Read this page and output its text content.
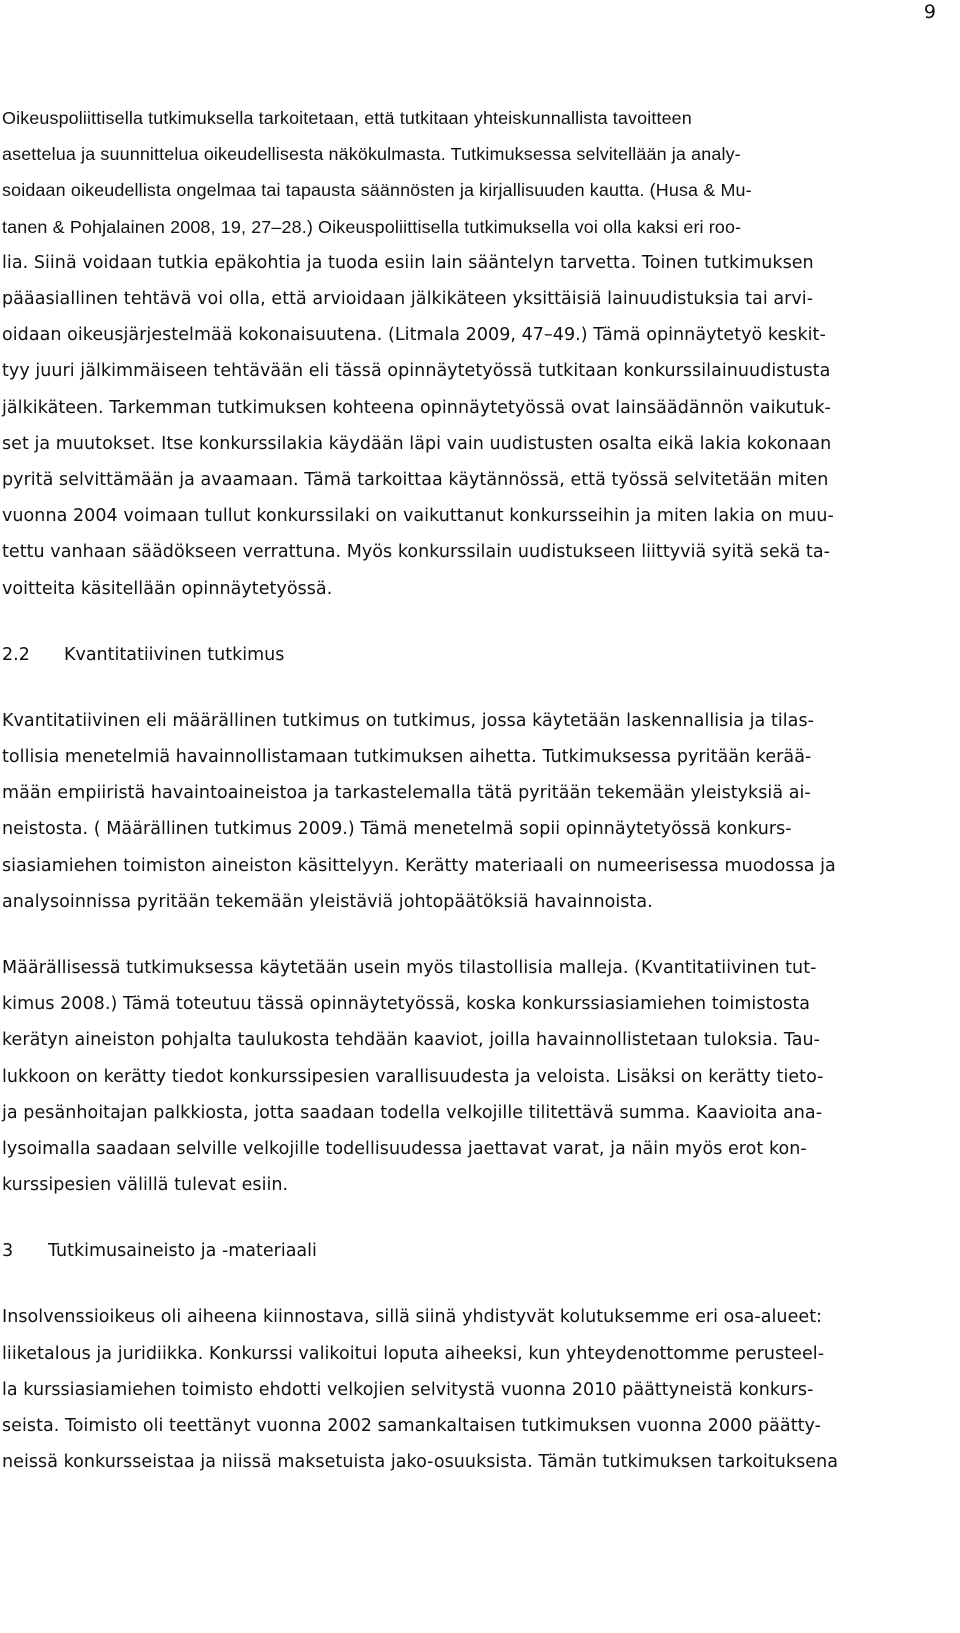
9

Oikeuspoliittisella tutkimuksella tarkoitetaan, että tutkitaan yhteiskunnallista tavoitteen
asettelua ja suunnittelua oikeudellisesta näkökulmasta. Tutkimuksessa selvitellään ja analy-
soidaan oikeudellista ongelmaa tai tapausta säännösten ja kirjallisuuden kautta. (Husa & Mu-
tanen & Pohjalainen 2008, 19, 27–28.) Oikeuspoliittisella tutkimuksella voi olla kaksi eri roo-

lia. Siinä voidaan tutkia epäkohtia ja tuoda esiin lain sääntelyn tarvetta. Toinen tutkimuksen
pääasiallinen tehtävä voi olla, että arvioidaan jälkikäteen yksittäisiä lainuudistuksia tai arvi-
oidaan oikeusjärjestelmää kokonaisuutena. (Litmala 2009, 47–49.) Tämä opinnäytetyö keskit-
tyy juuri jälkimmäiseen tehtävään eli tässä opinnäytetyössä tutkitaan konkurssilainuudistusta
jälkikäteen. Tarkemman tutkimuksen kohteena opinnäytetyössä ovat lainsäädännön vaikutuk-
set ja muutokset. Itse konkurssilakia käydään läpi vain uudistusten osalta eikä lakia kokonaan
pyritä selvittämään ja avaamaan. Tämä tarkoittaa käytännössä, että työssä selvitetään miten
vuonna 2004 voimaan tullut konkurssilaki on vaikuttanut konkursseihin ja miten lakia on muu-
tettu vanhaan säädökseen verrattuna. Myös konkurssilain uudistukseen liittyviä syitä sekä ta-
voitteita käsitellään opinnäytetyössä.

2.2 Kvantitatiivinen tutkimus

Kvantitatiivinen eli määrällinen tutkimus on tutkimus, jossa käytetään laskennallisia ja tilas-
tollisia menetelmiä havainnollistamaan tutkimuksen aihetta. Tutkimuksessa pyritään kerää-
mään empiiristä havaintoaineistoa ja tarkastelemalla tätä pyritään tekemään yleistyksiä ai-
neistosta. ( Määrällinen tutkimus 2009.) Tämä menetelmä sopii opinnäytetyössä konkurs-
siasiamiehen toimiston aineiston käsittelyyn. Kerätty materiaali on numeerisessa muodossa ja
analysoinnissa pyritään tekemään yleistäviä johtopäätöksiä havainnoista.

Määrällisessä tutkimuksessa käytetään usein myös tilastollisia malleja. (Kvantitatiivinen tut-
kimus 2008.) Tämä toteutuu tässä opinnäytetyössä, koska konkurssiasiamiehen toimistosta
kerätyn aineiston pohjalta taulukosta tehdään kaaviot, joilla havainnollistetaan tuloksia. Tau-
lukkoon on kerätty tiedot konkurssipesien varallisuudesta ja veloista. Lisäksi on kerätty tieto-
ja pesänhoitajan palkkiosta, jotta saadaan todella velkojille tilitettävä summa. Kaavioita ana-
lysoimalla saadaan selville velkojille todellisuudessa jaettavat varat, ja näin myös erot kon-
kurssipesien välillä tulevat esiin.

3 Tutkimusaineisto ja -materiaali

Insolvenssioikeus oli aiheena kiinnostava, sillä siinä yhdistyvät kolutuksemme eri osa-alueet:
liiketalous ja juridiikka. Konkurssi valikoitui loputa aiheeksi, kun yhteydenottomme perusteel-
la kurssiasiamiehen toimisto ehdotti velkojien selvitystä vuonna 2010 päättyneistä konkurs-
seista. Toimisto oli teettänyt vuonna 2002 samankaltaisen tutkimuksen vuonna 2000 päätty-
neissä konkursseistaa ja niissä maksetuista jako-osuuksista. Tämän tutkimuksen tarkoituksena
